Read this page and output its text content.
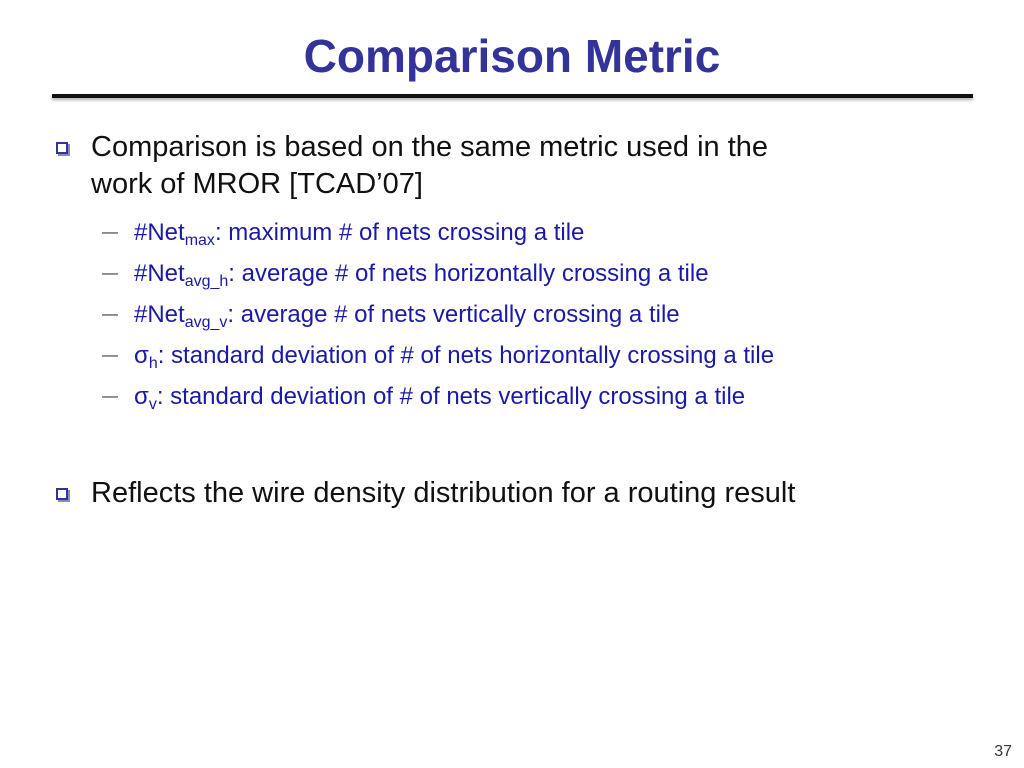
Comparison Metric
Comparison is based on the same metric used in the
work of MROR [TCAD’07]
— #Net$_{max}$: maximum # of nets crossing a tile
— #Net$_{avg\_h}$: average # of nets horizontally crossing a tile
— #Net$_{avg\_v}$: average # of nets vertically crossing a tile
— $\sigma_h$: standard deviation of # of nets horizontally crossing a tile
— $\sigma_v$: standard deviation of # of nets vertically crossing a tile
Reflects the wire density distribution for a routing result
37
